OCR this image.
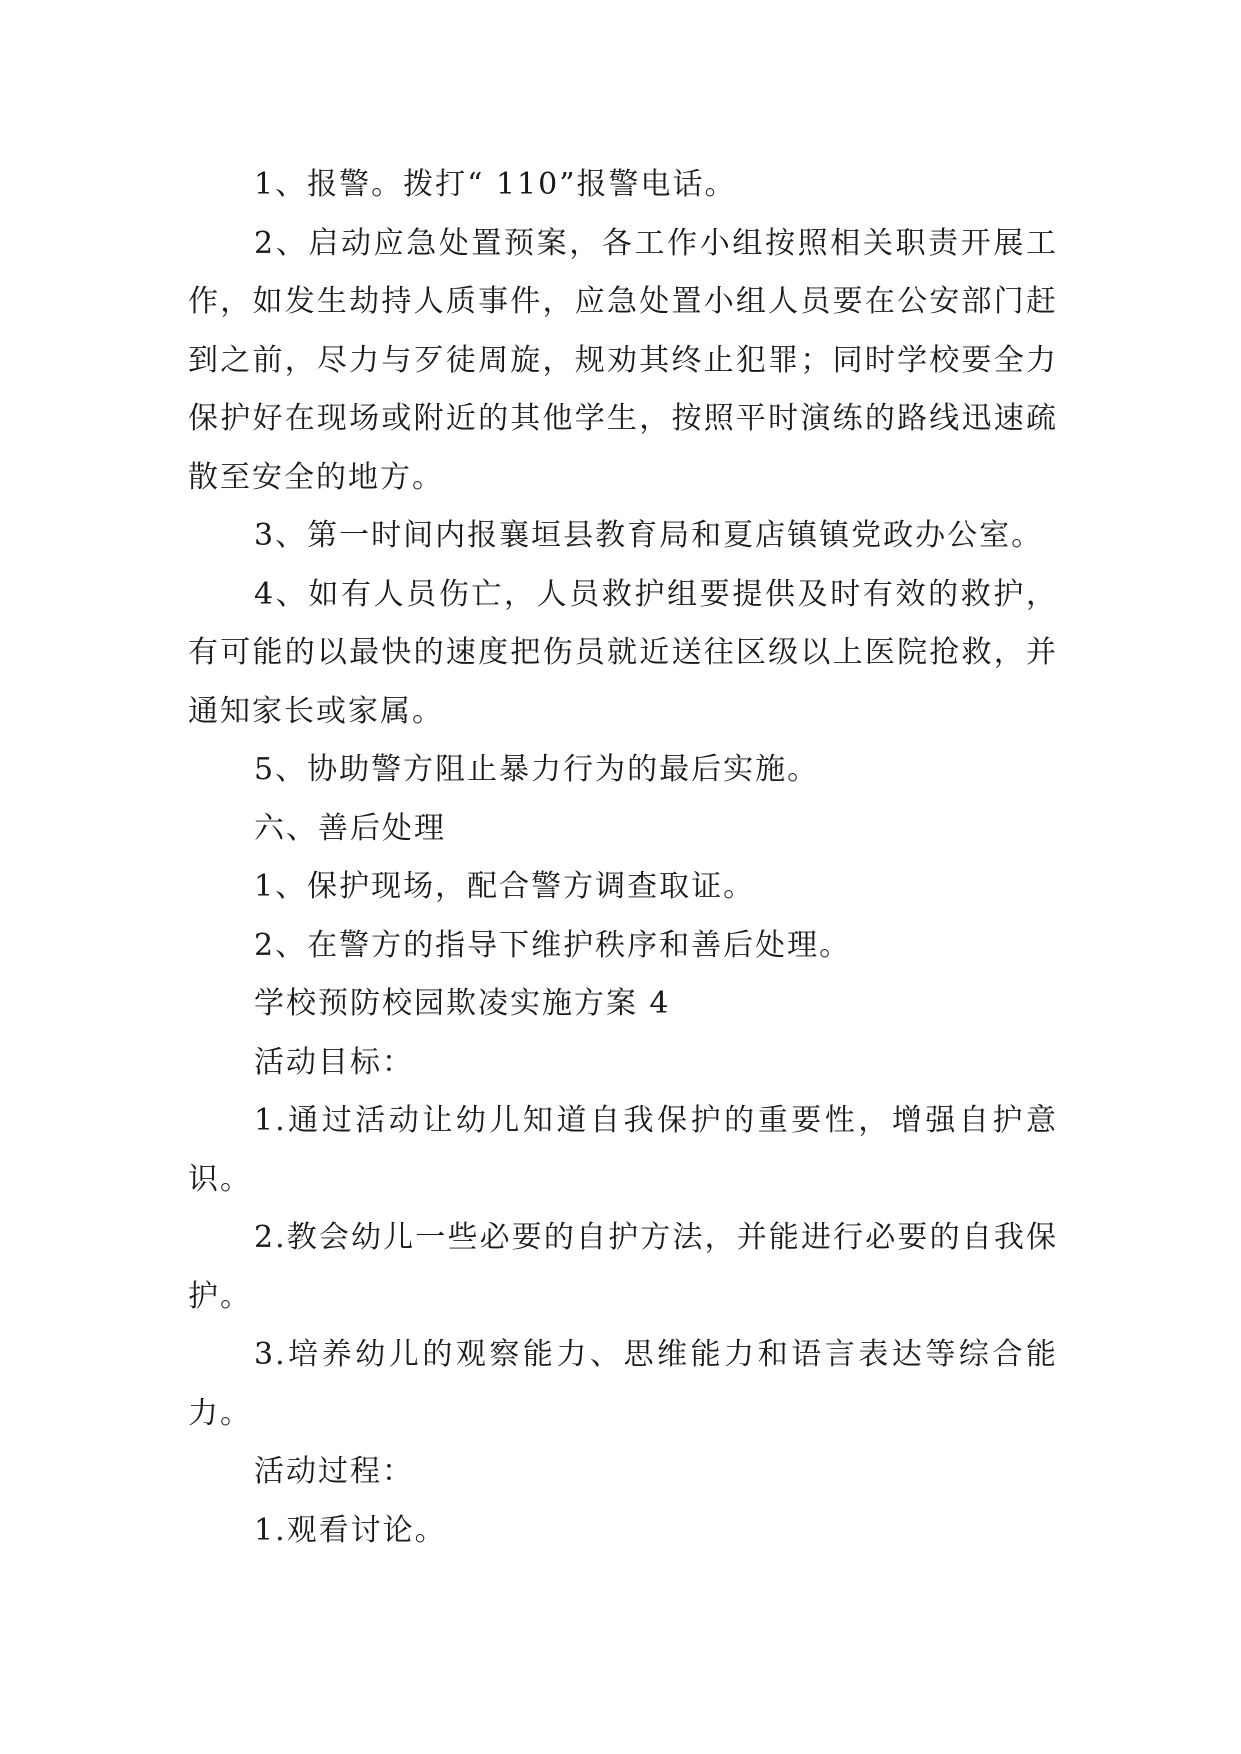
1、报警。拨打“ 110”报警电话。

2、启动应急处置预案，各工作小组按照相关职责开展工作，如发生劫持人质事件，应急处置小组人员要在公安部门赶到之前，尽力与歹徒周旋，规劝其终止犯罪；同时学校要全力保护好在现场或附近的其他学生，按照平时演练的路线迅速疏散至安全的地方。

3、第一时间内报襄垣县教育局和夏店镇镇党政办公室。

4、如有人员伤亡，人员救护组要提供及时有效的救护，有可能的以最快的速度把伤员就近送往区级以上医院抢救，并通知家长或家属。

5、协助警方阻止暴力行为的最后实施。

六、善后处理

1、保护现场，配合警方调查取证。

2、在警方的指导下维护秩序和善后处理。

学校预防校园欺凌实施方案 4

活动目标：

1.通过活动让幼儿知道自我保护的重要性，增强自护意识。

2.教会幼儿一些必要的自护方法，并能进行必要的自我保护。

3.培养幼儿的观察能力、思维能力和语言表达等综合能力。

活动过程：

1.观看讨论。
